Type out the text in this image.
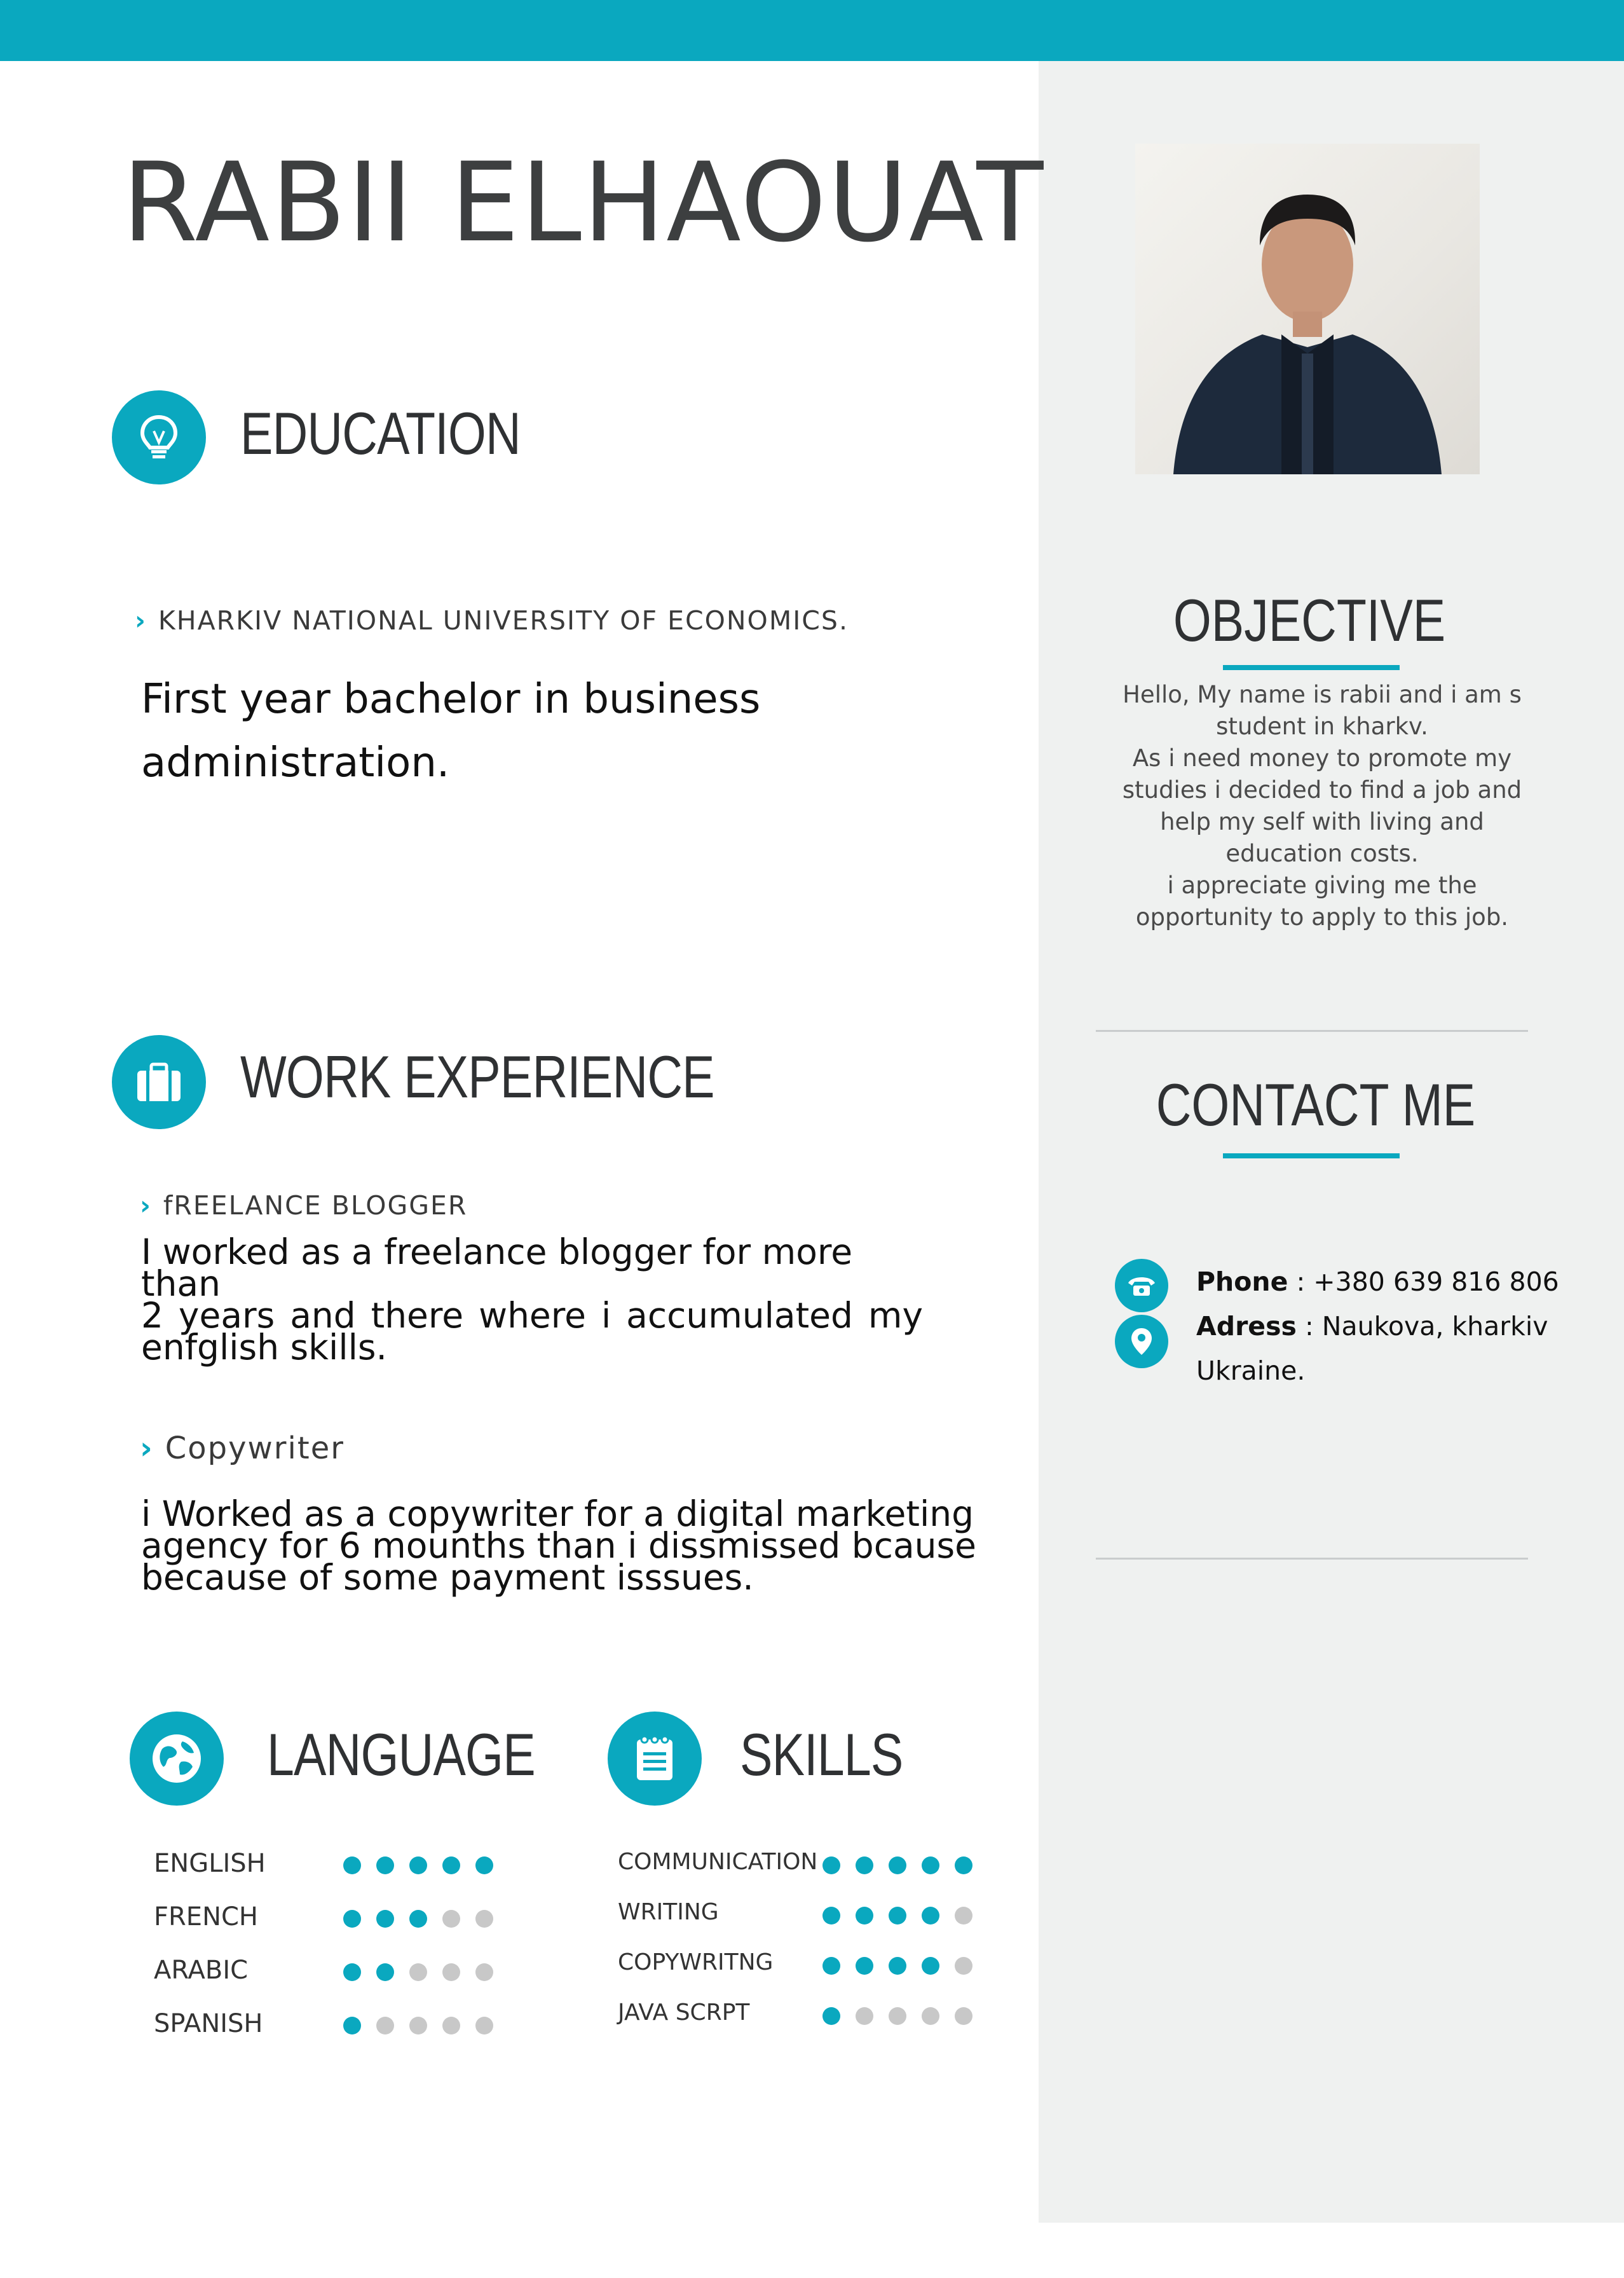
RABII ELHAOUAT
EDUCATION
› KHARKIV NATIONAL UNIVERSITY OF ECONOMICS.
First year bachelor in business
administration.
WORK EXPERIENCE
› fREELANCE BLOGGER
I worked as a freelance blogger for more than
2 years and there where i accumulated my
enfglish skills.
› Copywriter
i Worked as a copywriter for a digital marketing
agency for 6 mounths than i dissmissed bcause
because of some payment isssues.
LANGUAGE
ENGLISH
FRENCH
ARABIC
SPANISH
SKILLS
COMMUNICATION
WRITING
COPYWRITNG
JAVA SCRPT
OBJECTIVE
Hello, My name is rabii and i am s
student in kharkv.
As i need money to promote my
studies i decided to find a job and
help my self with living and
education costs.
i appreciate giving me the
opportunity to apply to this job.
CONTACT ME
Phone : +380 639 816 806
Adress : Naukova, kharkiv
Ukraine.
